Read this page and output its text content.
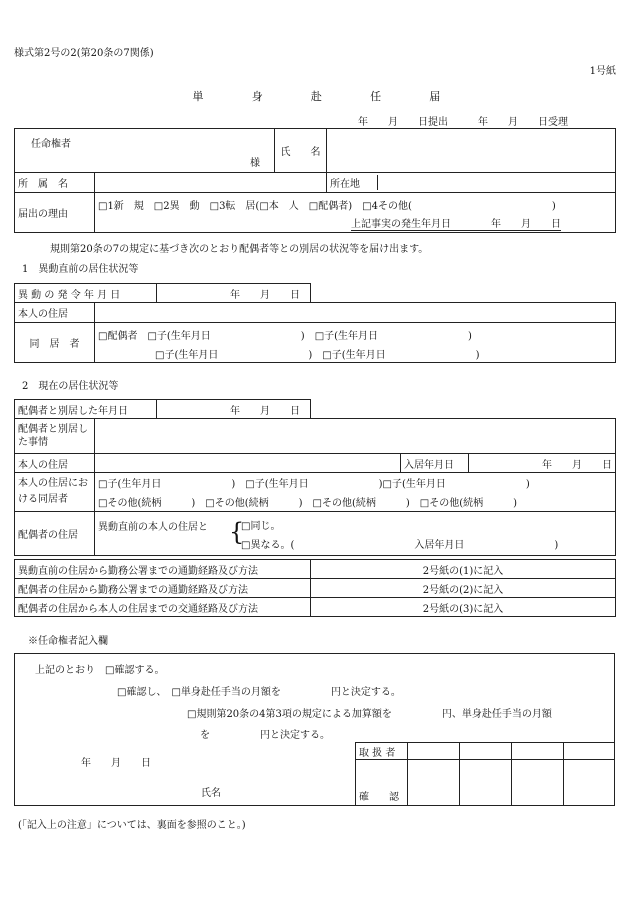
様式第2号の2(第20条の7関係)
1号紙
単	身	赴	任	届
年　　月　　日提出　　　年　　月　　日受理
任命権者
様
	氏　　名	
所　属　名			所在地	

届出の理由	
□1新　規　□2異　動　□3転　居(□本　人　□配偶者)　□4その他(　　　　　　　　　　　　　　)
上記事実の発生年月日　　　　年　　月　　日
規則第20条の7の規定に基づき次のとおり配偶者等との別居の状況等を届け出ます。
1　異動直前の居住状況等
異 動 の 発 令 年 月 日	年　　月　　日
本人の住居	
同　居　者	□配偶者　□子(生年月日　　　　　　　　　)　□子(生年月日　　　　　　　　　)
□子(生年月日　　　　　　　　　)　□子(生年月日　　　　　　　　　)
2　現在の居住状況等
配偶者と別居した年月日	年　　月　　日
配偶者と別居した事情			
本人の住居		入居年月日	年　　月　　日
本人の住居における同居者	□子(生年月日　　　　　　　)　□子(生年月日　　　　　　　)□子(生年月日　　　　　　　　)
□その他(続柄　　　)　□その他(続柄　　　)　□その他(続柄　　　)　□その他(続柄　　　)		

配偶者の住居	異動直前の本人の住居と {
□同じ。
□異なる。(　　　　　　　　　　　　入居年月日　　　　　　　　　)		
異動直前の住居から勤務公署までの通勤経路及び方法	2号紙の(1)に記入
配偶者の住居から勤務公署までの通勤経路及び方法	2号紙の(2)に記入
配偶者の住居から本人の住居までの交通経路及び方法	2号紙の(3)に記入
※任命権者記入欄
上記のとおり　□確認する。
□確認し、　□単身赴任手当の月額を　　　　　円と決定する。
□規則第20条の4第3項の規定による加算額を　　　　　円、単身赴任手当の月額
を　　　　　円と決定する。
年　　月　　日
氏名
取 扱 者				
確　　認				
(「記入上の注意」については、裏面を参照のこと。)
